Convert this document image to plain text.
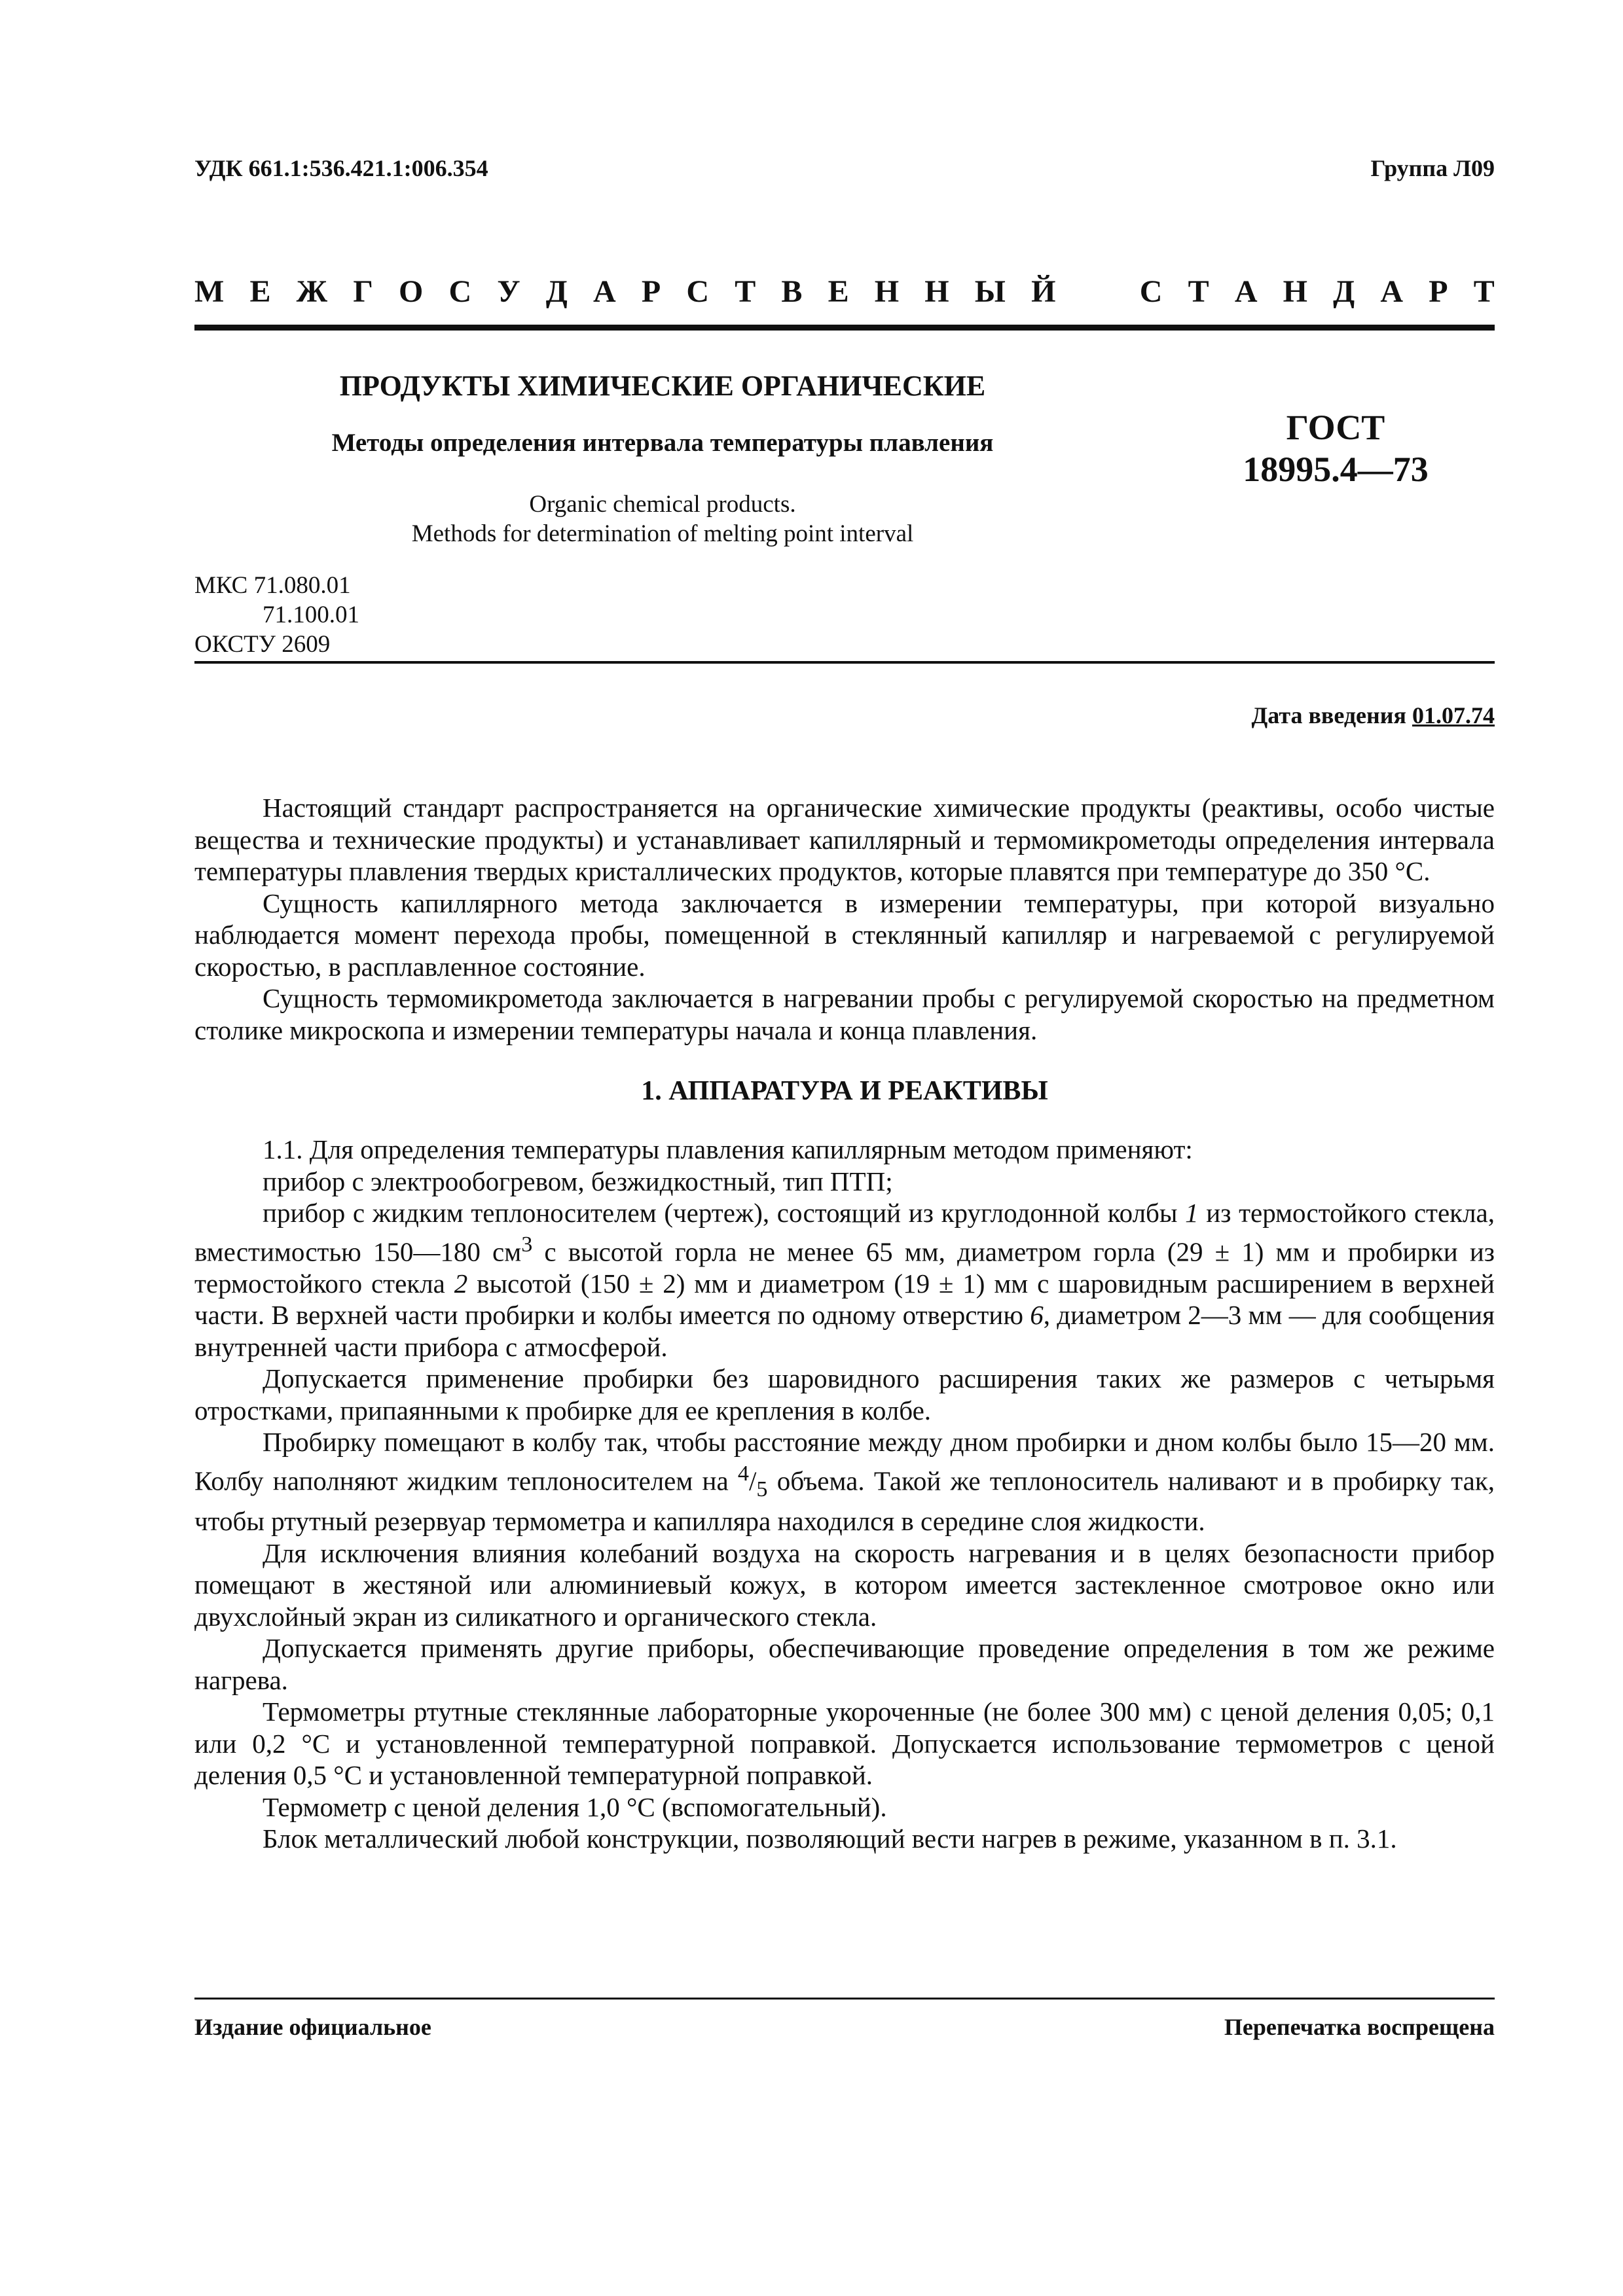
УДК 661.1:536.421.1:006.354	Группа Л09
М Е Ж Г О С У Д А Р С Т В Е Н Н Ы Й	С Т А Н Д А Р Т
ПРОДУКТЫ ХИМИЧЕСКИЕ ОРГАНИЧЕСКИЕ
Методы определения интервала температуры плавления	ГОСТ
18995.4—73
Organic chemical products.
Methods for determination of melting point interval
МКС 71.080.01
71.100.01
ОКСТУ 2609
Дата введения 01.07.74

Настоящий стандарт распространяется на органические химические продукты (реактивы, особо чистые вещества и технические продукты) и устанавливает капиллярный и термомикрометоды определения интервала температуры плавления твердых кристаллических продуктов, которые плавятся при температуре до 350 °С.

Сущность капиллярного метода заключается в измерении температуры, при которой визуально наблюдается момент перехода пробы, помещенной в стеклянный капилляр и нагреваемой с регулируемой скоростью, в расплавленное состояние.

Сущность термомикрометода заключается в нагревании пробы с регулируемой скоростью на предметном столике микроскопа и измерении температуры начала и конца плавления.

1. АППАРАТУРА И РЕАКТИВЫ

1.1. Для определения температуры плавления капиллярным методом применяют:

прибор с электрообогревом, безжидкостный, тип ПТП;

прибор с жидким теплоносителем (чертеж), состоящий из круглодонной колбы 1 из термостойкого стекла, вместимостью 150—180 $см^3$ с высотой горла не менее 65 мм, диаметром горла (29 ± 1) мм и пробирки из термостойкого стекла 2 высотой (150 ± 2) мм и диаметром (19 ± 1) мм с шаровидным расширением в верхней части. В верхней части пробирки и колбы имеется по одному отверстию 6, диаметром 2—3 мм — для сообщения внутренней части прибора с атмосферой.

Допускается применение пробирки без шаровидного расширения таких же размеров с четырьмя отростками, припаянными к пробирке для ее крепления в колбе.

Пробирку помещают в колбу так, чтобы расстояние между дном пробирки и дном колбы было 15—20 мм. Колбу наполняют жидким теплоносителем на $^4/_5$ объема. Такой же теплоноситель наливают и в пробирку так, чтобы ртутный резервуар термометра и капилляра находился в середине слоя жидкости.

Для исключения влияния колебаний воздуха на скорость нагревания и в целях безопасности прибор помещают в жестяной или алюминиевый кожух, в котором имеется застекленное смотровое окно или двухслойный экран из силикатного и органического стекла.

Допускается применять другие приборы, обеспечивающие проведение определения в том же режиме нагрева.

Термометры ртутные стеклянные лабораторные укороченные (не более 300 мм) с ценой деления 0,05; 0,1 или 0,2 °С и установленной температурной поправкой. Допускается использование термометров с ценой деления 0,5 °С и установленной температурной поправкой.

Термометр с ценой деления 1,0 °С (вспомогательный).

Блок металлический любой конструкции, позволяющий вести нагрев в режиме, указанном в п. 3.1.

Издание официальное	Перепечатка воспрещена
